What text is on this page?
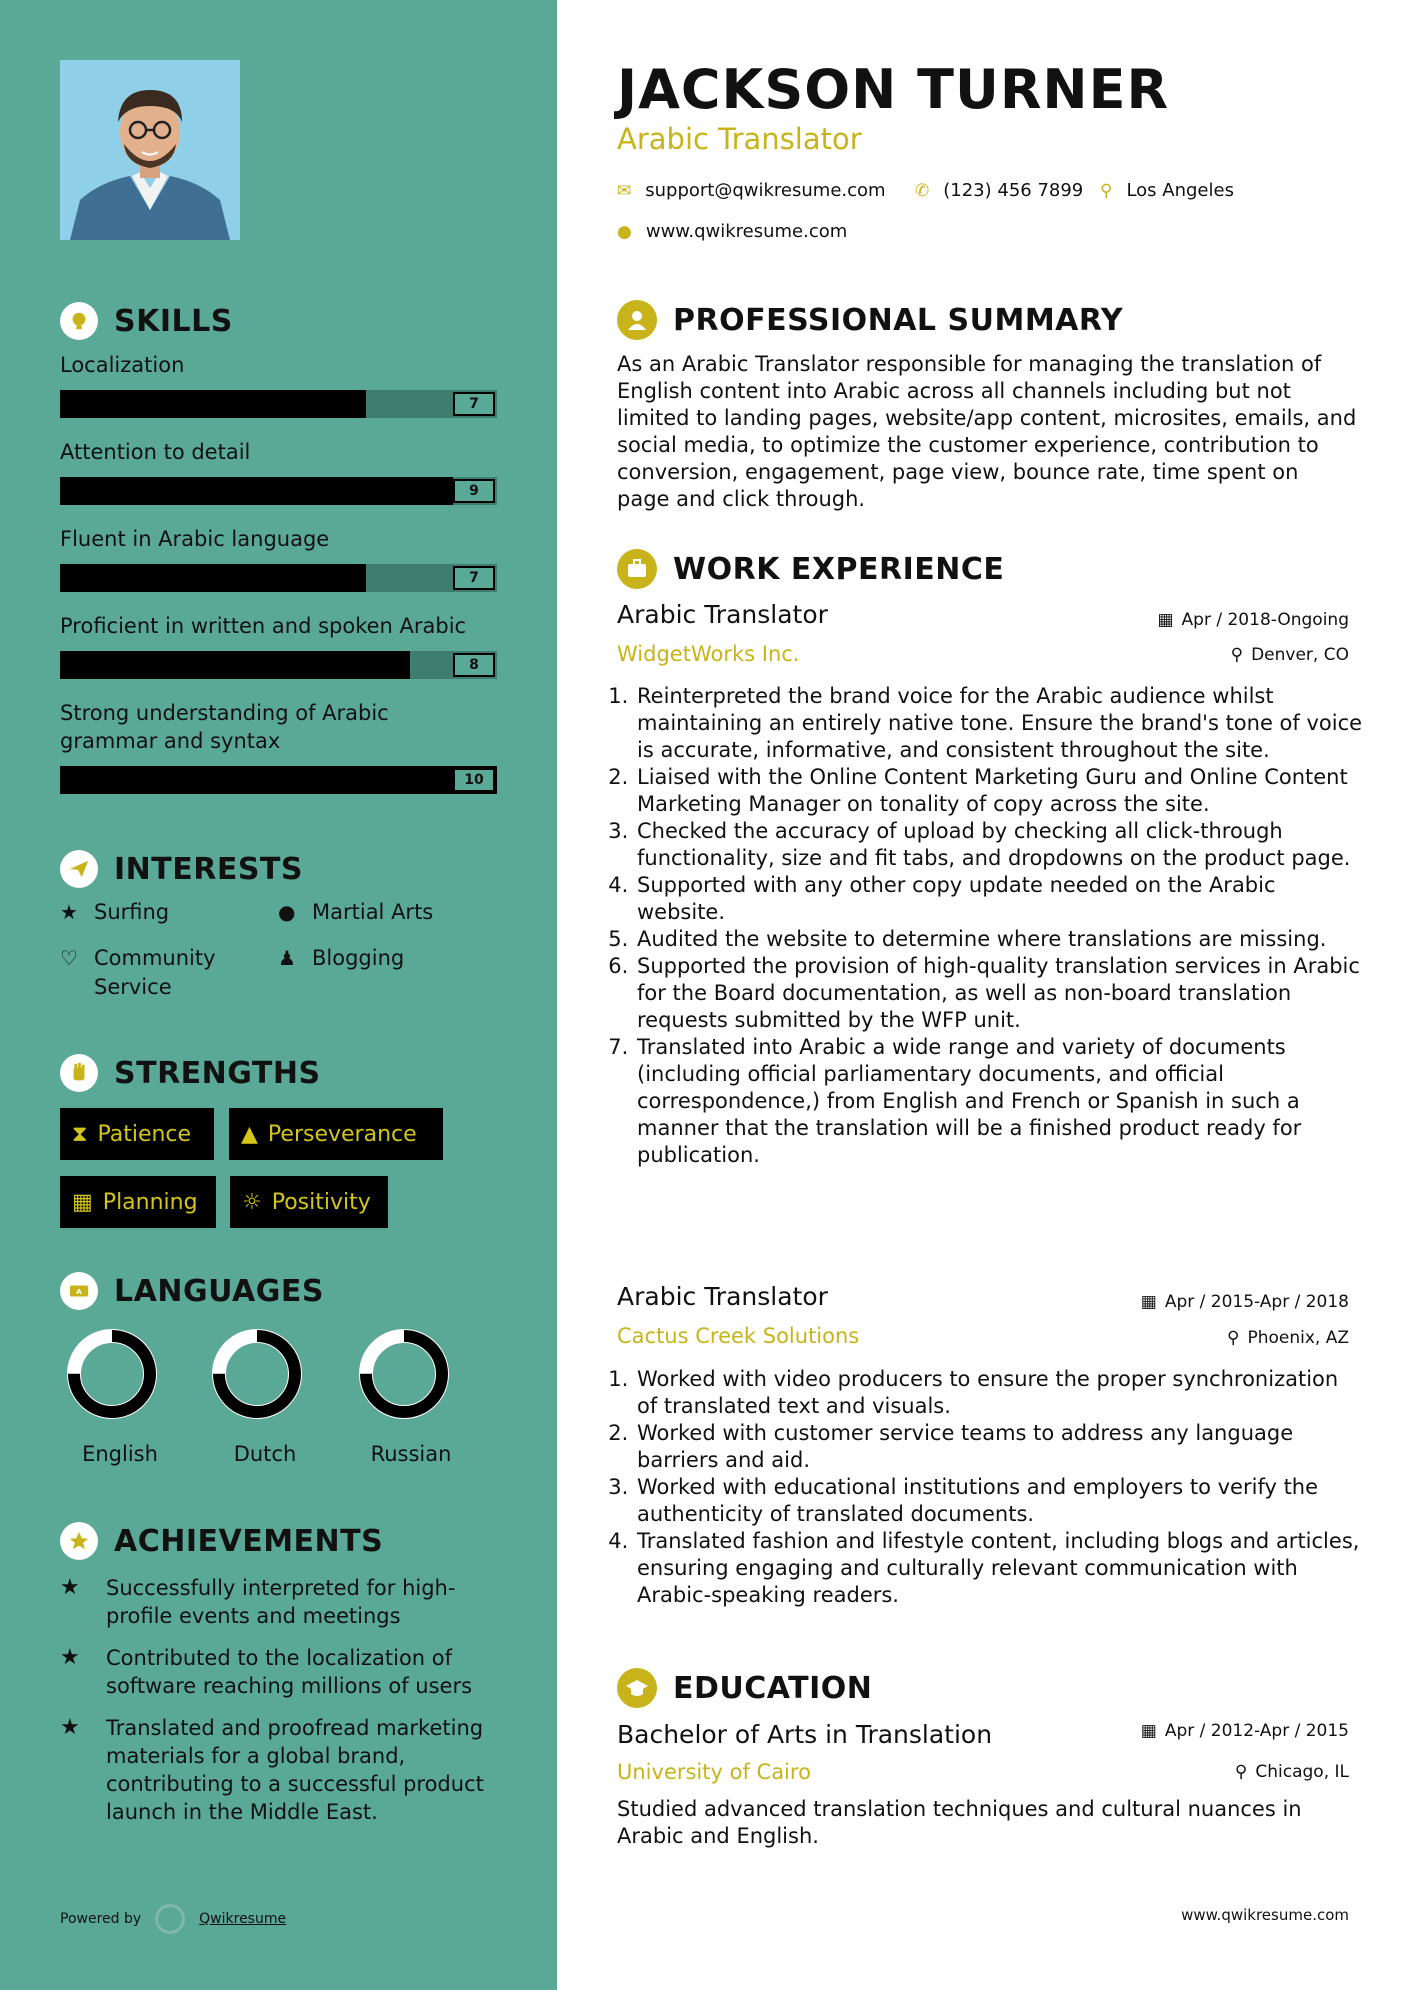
SKILLS
Localization
7
Attention to detail
9
Fluent in Arabic language
7
Proficient in written and spoken Arabic
8
Strong understanding of Arabic grammar and syntax
10
INTERESTS
★ Surfing	● Martial Arts
♡ Community Service
♟ Blogging
STRENGTHS
⧗ Patience ▲ Perseverance
▦ Planning ☼ Positivity
A LANGUAGES
English	Dutch	Russian
ACHIEVEMENTS
★	Successfully interpreted for high-profile events and meetings
★	Contributed to the localization of software reaching millions of users
★	Translated and proofread marketing materials for a global brand, contributing to a successful product launch in the Middle East.
Powered by	Qwikresume
JACKSON TURNER
Arabic Translator
✉ support@qwikresume.com ✆ (123) 456 7899 ⚲ Los Angeles
● www.qwikresume.com
PROFESSIONAL SUMMARY
As an Arabic Translator responsible for managing the translation of English content into Arabic across all channels including but not limited to landing pages, website/app content, microsites, emails, and social media, to optimize the customer experience, contribution to conversion, engagement, page view, bounce rate, time spent on page and click through.
WORK EXPERIENCE
Arabic Translator	▦ Apr / 2018-Ongoing
WidgetWorks Inc.	⚲ Denver, CO
1. Reinterpreted the brand voice for the Arabic audience whilst maintaining an entirely native tone. Ensure the brand's tone of voice is accurate, informative, and consistent throughout the site.
2. Liaised with the Online Content Marketing Guru and Online Content Marketing Manager on tonality of copy across the site.
3. Checked the accuracy of upload by checking all click-through functionality, size and fit tabs, and dropdowns on the product page.
4. Supported with any other copy update needed on the Arabic website.
5. Audited the website to determine where translations are missing.
6. Supported the provision of high-quality translation services in Arabic for the Board documentation, as well as non-board translation requests submitted by the WFP unit.
7. Translated into Arabic a wide range and variety of documents (including official parliamentary documents, and official correspondence,) from English and French or Spanish in such a manner that the translation will be a finished product ready for publication.
Arabic Translator	▦ Apr / 2015-Apr / 2018
Cactus Creek Solutions	⚲ Phoenix, AZ
1. Worked with video producers to ensure the proper synchronization of translated text and visuals.
2. Worked with customer service teams to address any language barriers and aid.
3. Worked with educational institutions and employers to verify the authenticity of translated documents.
4. Translated fashion and lifestyle content, including blogs and articles, ensuring engaging and culturally relevant communication with Arabic-speaking readers.
EDUCATION
Bachelor of Arts in Translation	▦ Apr / 2012-Apr / 2015
University of Cairo	⚲ Chicago, IL
Studied advanced translation techniques and cultural nuances in Arabic and English.
www.qwikresume.com
